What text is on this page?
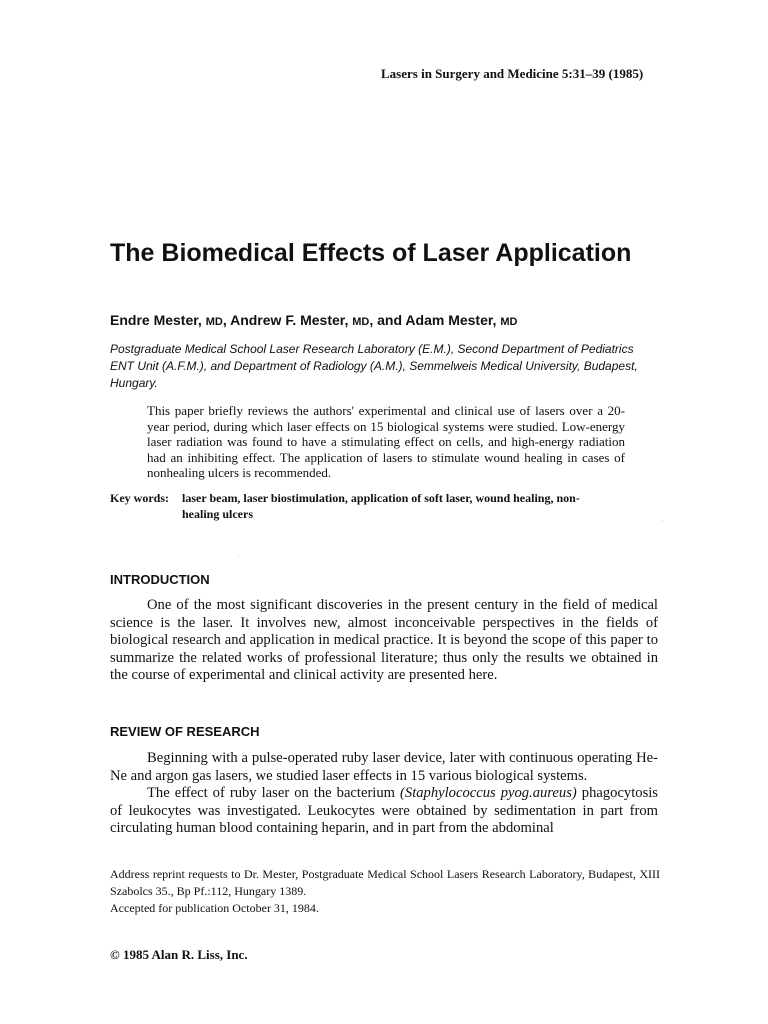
Lasers in Surgery and Medicine 5:31–39 (1985)
The Biomedical Effects of Laser Application
Endre Mester, MD, Andrew F. Mester, MD, and Adam Mester, MD
Postgraduate Medical School Laser Research Laboratory (E.M.), Second Department of Pediatrics ENT Unit (A.F.M.), and Department of Radiology (A.M.), Semmelweis Medical University, Budapest, Hungary.
This paper briefly reviews the authors' experimental and clinical use of lasers over a 20-year period, during which laser effects on 15 biological systems were studied. Low-energy laser radiation was found to have a stimulating effect on cells, and high-energy radiation had an inhibiting effect. The application of lasers to stimulate wound healing in cases of nonhealing ulcers is recommended.
Key words: laser beam, laser biostimulation, application of soft laser, wound healing, non-
healing ulcers
INTRODUCTION

One of the most significant discoveries in the present century in the field of medical science is the laser. It involves new, almost inconceivable perspectives in the fields of biological research and application in medical practice. It is beyond the scope of this paper to summarize the related works of professional literature; thus only the results we obtained in the course of experimental and clinical activity are presented here.

REVIEW OF RESEARCH

Beginning with a pulse-operated ruby laser device, later with continuous operating He-Ne and argon gas lasers, we studied laser effects in 15 various biological systems.

The effect of ruby laser on the bacterium (Staphylococcus pyog.aureus) phagocytosis of leukocytes was investigated. Leukocytes were obtained by sedimentation in part from circulating human blood containing heparin, and in part from the abdominal

Address reprint requests to Dr. Mester, Postgraduate Medical School Lasers Research Laboratory, Budapest, XIII Szabolcs 35., Bp Pf.:112, Hungary 1389.

Accepted for publication October 31, 1984.

© 1985 Alan R. Liss, Inc.
